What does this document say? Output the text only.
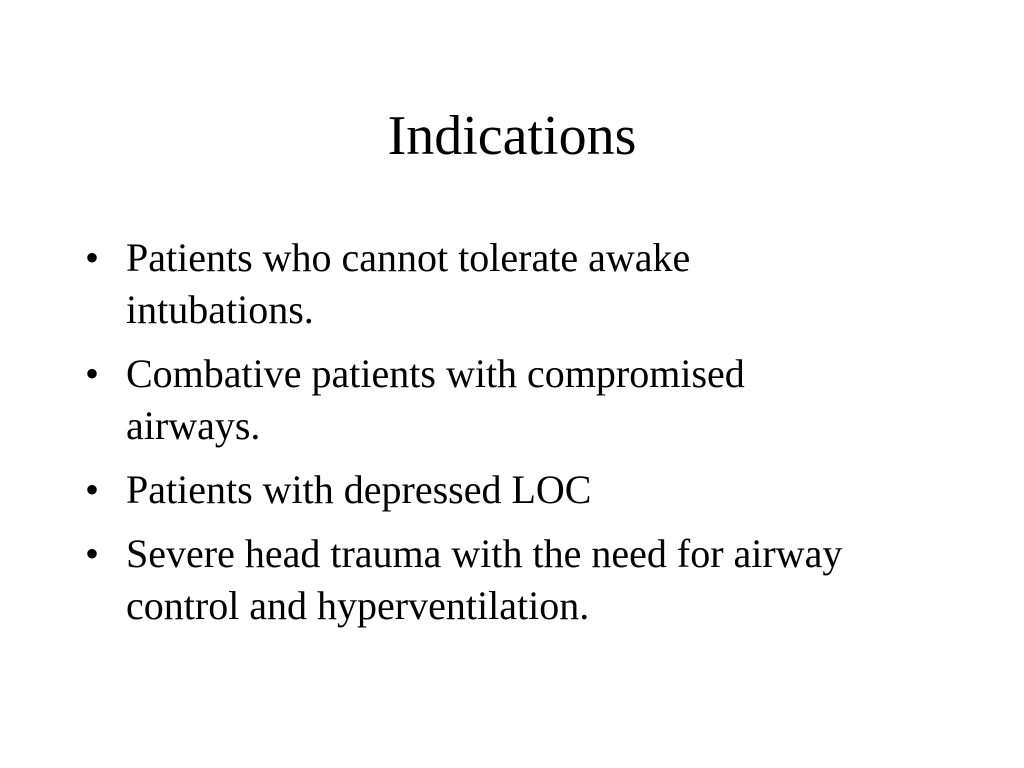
Indications
• Patients who cannot tolerate awake intubations.
• Combative patients with compromised airways.
• Patients with depressed LOC
• Severe head trauma with the need for airway control and hyperventilation.
